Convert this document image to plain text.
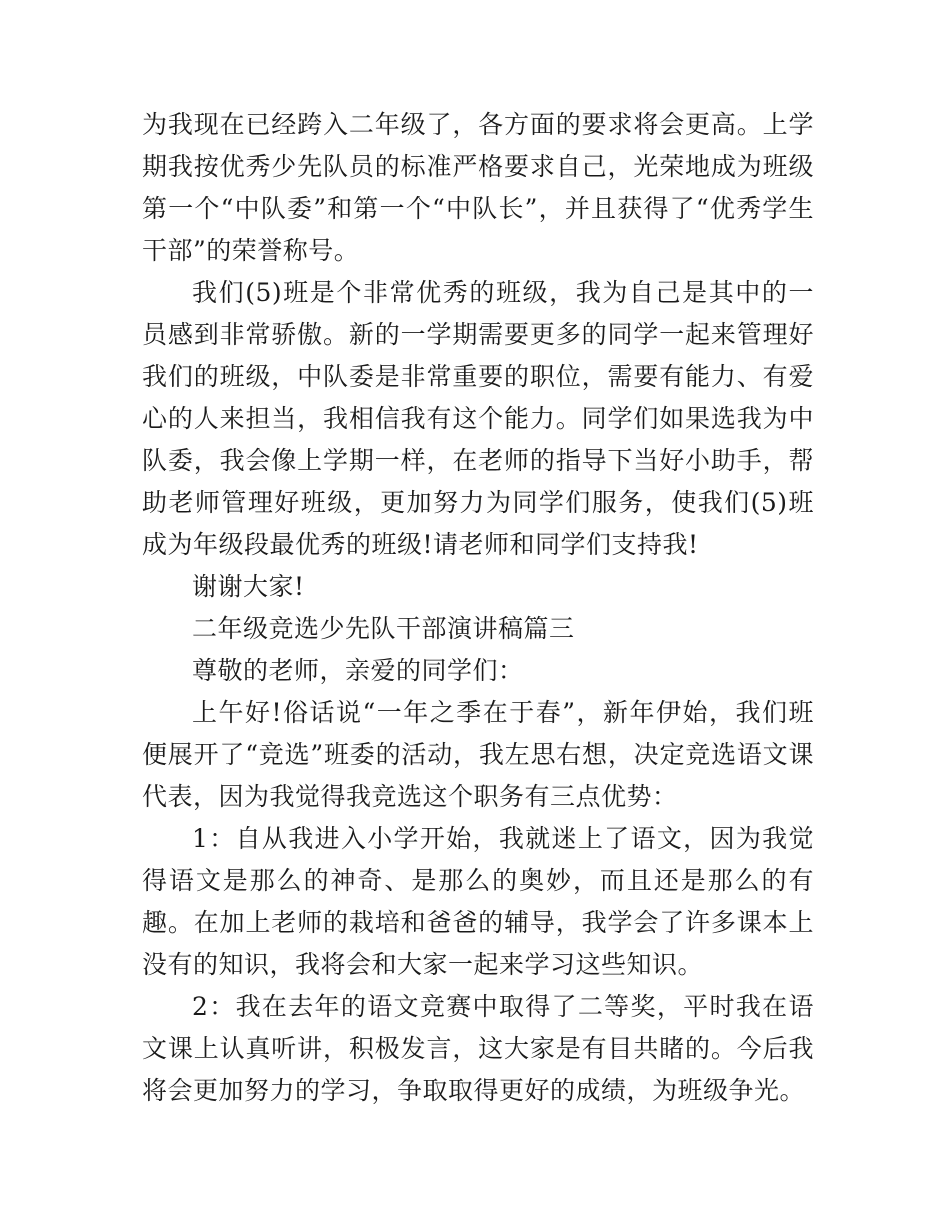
为我现在已经跨入二年级了，各方面的要求将会更高。上学期我按优秀少先队员的标准严格要求自己，光荣地成为班级第一个“中队委”和第一个“中队长”，并且获得了“优秀学生干部”的荣誉称号。

我们(5)班是个非常优秀的班级，我为自己是其中的一员感到非常骄傲。新的一学期需要更多的同学一起来管理好我们的班级，中队委是非常重要的职位，需要有能力、有爱心的人来担当，我相信我有这个能力。同学们如果选我为中队委，我会像上学期一样，在老师的指导下当好小助手，帮助老师管理好班级，更加努力为同学们服务，使我们(5)班成为年级段最优秀的班级!请老师和同学们支持我!

谢谢大家!

二年级竞选少先队干部演讲稿篇三

尊敬的老师，亲爱的同学们：

上午好!俗话说“一年之季在于春”，新年伊始，我们班便展开了“竞选”班委的活动，我左思右想，决定竞选语文课代表，因为我觉得我竞选这个职务有三点优势：

1：自从我进入小学开始，我就迷上了语文，因为我觉得语文是那么的神奇、是那么的奥妙，而且还是那么的有趣。在加上老师的栽培和爸爸的辅导，我学会了许多课本上没有的知识，我将会和大家一起来学习这些知识。

2：我在去年的语文竞赛中取得了二等奖，平时我在语文课上认真听讲，积极发言，这大家是有目共睹的。今后我将会更加努力的学习，争取取得更好的成绩，为班级争光。
